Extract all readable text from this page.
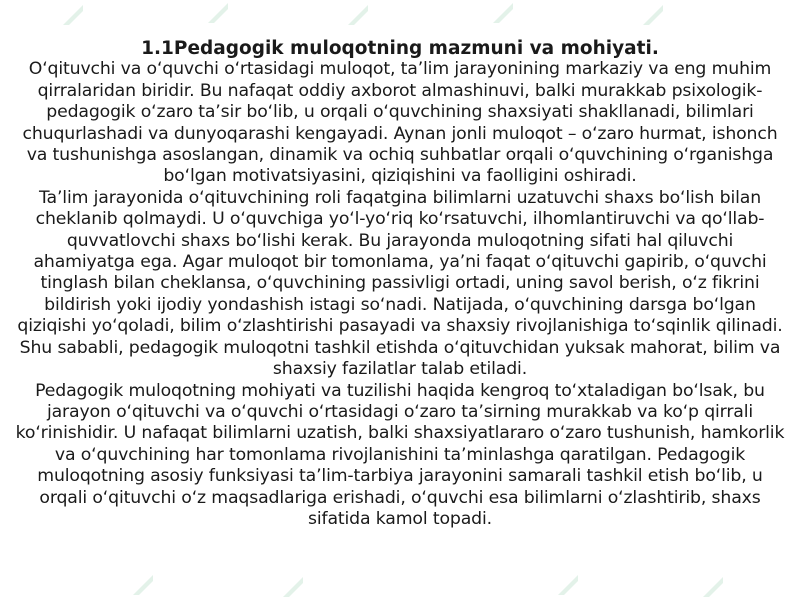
1.1Pedagogik muloqotning mazmuni va mohiyati.

O‘qituvchi va o‘quvchi o‘rtasidagi muloqot, ta’lim jarayonining markaziy va eng muhim qirralaridan biridir. Bu nafaqat oddiy axborot almashinuvi, balki murakkab psixologik-pedagogik o‘zaro ta’sir bo‘lib, u orqali o‘quvchining shaxsiyati shakllanadi, bilimlari chuqurlashadi va dunyoqarashi kengayadi. Aynan jonli muloqot – o‘zaro hurmat, ishonch va tushunishga asoslangan, dinamik va ochiq suhbatlar orqali o‘quvchining o‘rganishga bo‘lgan motivatsiyasini, qiziqishini va faolligini oshiradi.

Ta’lim jarayonida o‘qituvchining roli faqatgina bilimlarni uzatuvchi shaxs bo‘lish bilan cheklanib qolmaydi. U o‘quvchiga yo‘l-yo‘riq ko‘rsatuvchi, ilhomlantiruvchi va qo‘llab-quvvatlovchi shaxs bo‘lishi kerak. Bu jarayonda muloqotning sifati hal qiluvchi ahamiyatga ega. Agar muloqot bir tomonlama, ya’ni faqat o‘qituvchi gapirib, o‘quvchi tinglash bilan cheklansa, o‘quvchining passivligi ortadi, uning savol berish, o‘z fikrini bildirish yoki ijodiy yondashish istagi so‘nadi. Natijada, o‘quvchining darsga bo‘lgan qiziqishi yo‘qoladi, bilim o‘zlashtirishi pasayadi va shaxsiy rivojlanishiga to‘sqinlik qilinadi. Shu sababli, pedagogik muloqotni tashkil etishda o‘qituvchidan yuksak mahorat, bilim va shaxsiy fazilatlar talab etiladi.

Pedagogik muloqotning mohiyati va tuzilishi haqida kengroq to‘xtaladigan bo‘lsak, bu jarayon o‘qituvchi va o‘quvchi o‘rtasidagi o‘zaro ta’sirning murakkab va ko‘p qirrali ko‘rinishidir. U nafaqat bilimlarni uzatish, balki shaxsiyatlararo o‘zaro tushunish, hamkorlik va o‘quvchining har tomonlama rivojlanishini ta’minlashga qaratilgan. Pedagogik muloqotning asosiy funksiyasi ta’lim-tarbiya jarayonini samarali tashkil etish bo‘lib, u orqali o‘qituvchi o‘z maqsadlariga erishadi, o‘quvchi esa bilimlarni o‘zlashtirib, shaxs sifatida kamol topadi.
